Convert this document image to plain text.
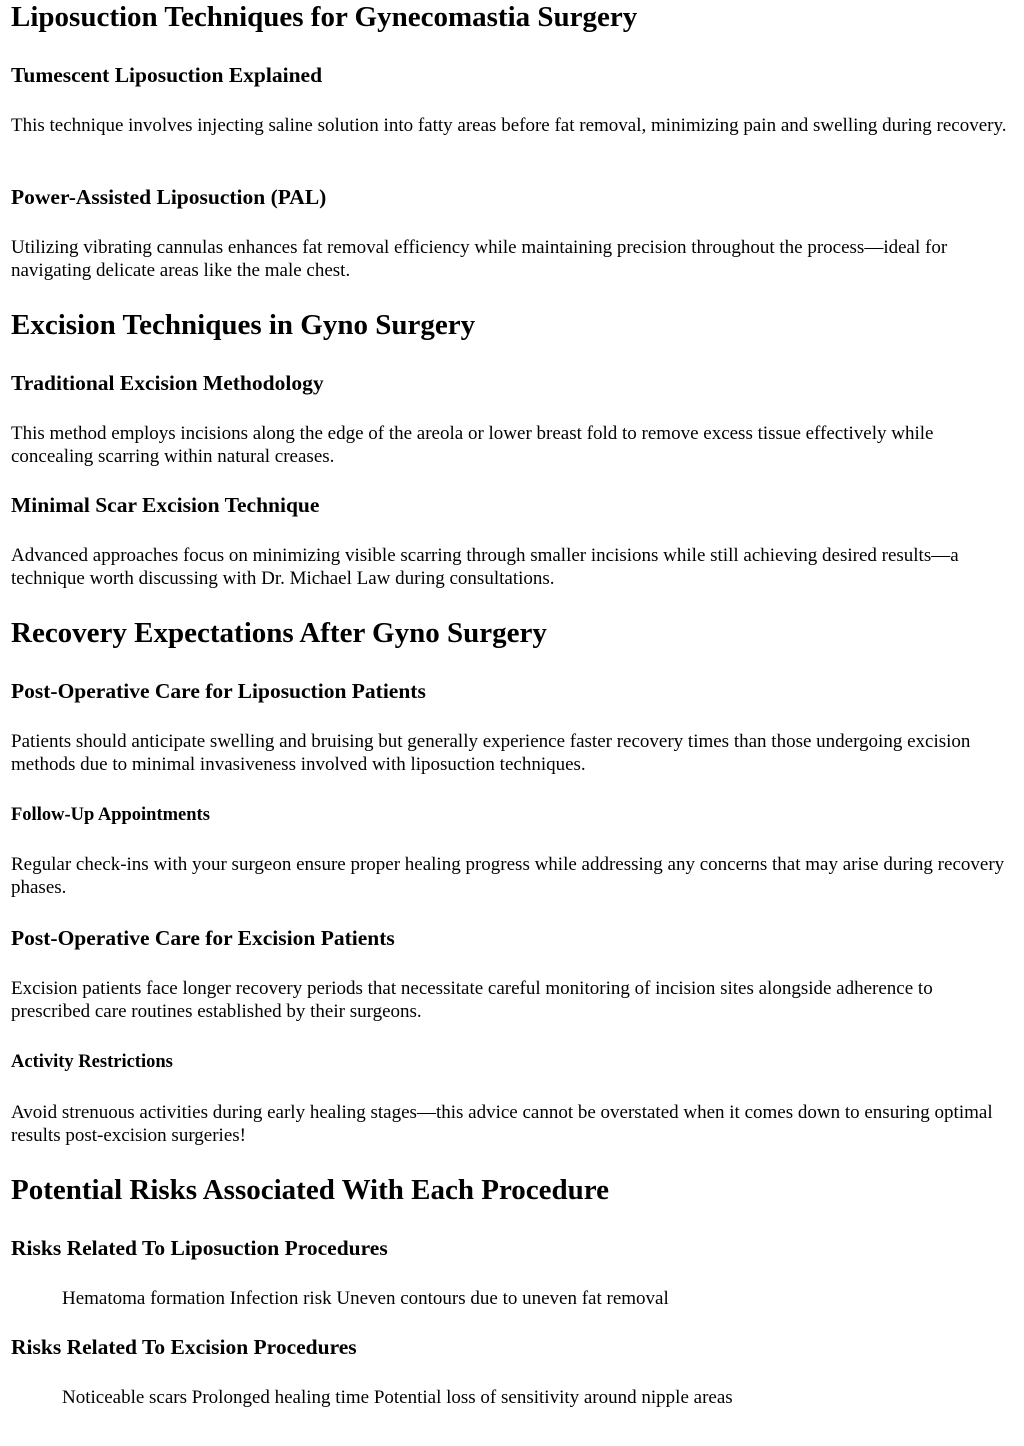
Liposuction Techniques for Gynecomastia Surgery
Tumescent Liposuction Explained

This technique involves injecting saline solution into fatty areas before fat removal, minimizing pain and swelling during recovery.

Power-Assisted Liposuction (PAL)

Utilizing vibrating cannulas enhances fat removal efficiency while maintaining precision throughout the process—ideal for navigating delicate areas like the male chest.

Excision Techniques in Gyno Surgery
Traditional Excision Methodology

This method employs incisions along the edge of the areola or lower breast fold to remove excess tissue effectively while concealing scarring within natural creases.

Minimal Scar Excision Technique

Advanced approaches focus on minimizing visible scarring through smaller incisions while still achieving desired results—a technique worth discussing with Dr. Michael Law during consultations.

Recovery Expectations After Gyno Surgery
Post-Operative Care for Liposuction Patients

Patients should anticipate swelling and bruising but generally experience faster recovery times than those undergoing excision methods due to minimal invasiveness involved with liposuction techniques.

Follow-Up Appointments

Regular check-ins with your surgeon ensure proper healing progress while addressing any concerns that may arise during recovery phases.

Post-Operative Care for Excision Patients

Excision patients face longer recovery periods that necessitate careful monitoring of incision sites alongside adherence to prescribed care routines established by their surgeons.

Activity Restrictions

Avoid strenuous activities during early healing stages—this advice cannot be overstated when it comes down to ensuring optimal results post-excision surgeries!

Potential Risks Associated With Each Procedure
Risks Related To Liposuction Procedures
Hematoma formation Infection risk Uneven contours due to uneven fat removal
Risks Related To Excision Procedures
Noticeable scars Prolonged healing time Potential loss of sensitivity around nipple areas
